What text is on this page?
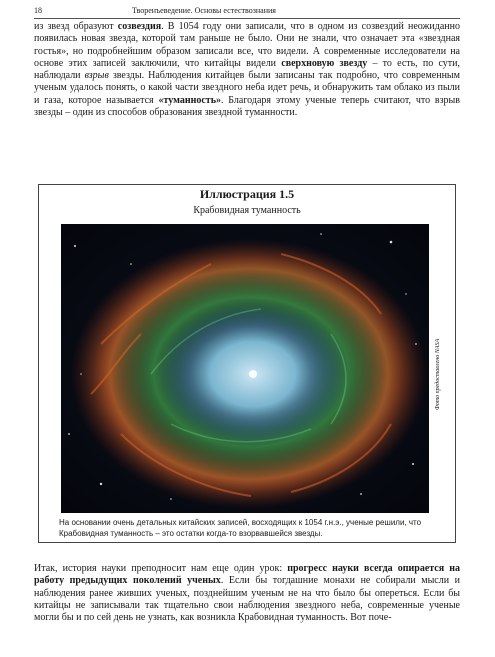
18	Творенъеведение. Основы естествознания

из звезд образуют созвездия. В 1054 году они записали, что в одном из созвездий неожиданно появилась новая звезда, которой там раньше не было. Они не знали, что означает эта «звездная гостья», но подробнейшим образом записали все, что видели. А современные исследователи на основе этих записей заключили, что китайцы видели сверхновую звезду – то есть, по сути, наблюдали взрыв звезды. Наблюдения китайцев были записаны так подробно, что современным ученым удалось понять, о какой части звездного неба идет речь, и обнаружить там облако из пыли и газа, которое называется «туманность». Благодаря этому ученые теперь считают, что взрыв звезды – один из способов образования звездной туманности.

Иллюстрация 1.5
Крабовидная туманность
Фото предоставлено NASA
На основании очень детальных китайских записей, восходящих к 1054 г.н.э., ученые решили, что Крабовидная туманность – это остатки когда-то взорвавшейся звезды.

Итак, история науки преподносит нам еще один урок: прогресс науки всегда опирается на работу предыдущих поколений ученых. Если бы тогдашние монахи не собирали мысли и наблюдения ранее живших ученых, позднейшим ученым не на что было бы опереться. Если бы китайцы не записывали так тщательно свои наблюдения звездного неба, современные ученые могли бы и по сей день не узнать, как возникла Крабовидная туманность. Вот поче-
